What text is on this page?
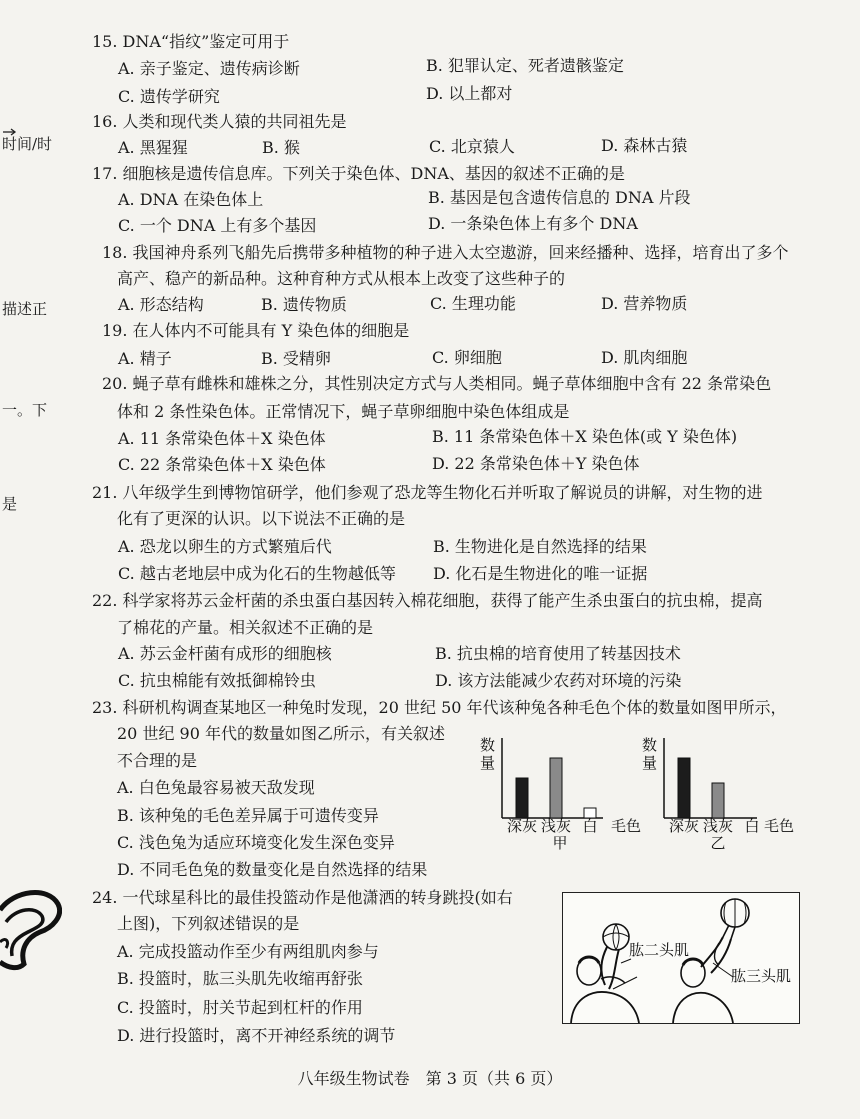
时间/时
描述正
一。下
是
15. DNA“指纹”鉴定可用于
A. 亲子鉴定、遗传病诊断	B. 犯罪认定、死者遗骸鉴定
C. 遗传学研究	D. 以上都对
16. 人类和现代类人猿的共同祖先是
A. 黑猩猩	B. 猴	C. 北京猿人	D. 森林古猿
17. 细胞核是遗传信息库。下列关于染色体、DNA、基因的叙述不正确的是
A. DNA 在染色体上	B. 基因是包含遗传信息的 DNA 片段
C. 一个 DNA 上有多个基因	D. 一条染色体上有多个 DNA
18. 我国神舟系列飞船先后携带多种植物的种子进入太空遨游，回来经播种、选择，培育出了多个
高产、稳产的新品种。这种育种方式从根本上改变了这些种子的
A. 形态结构	B. 遗传物质	C. 生理功能	D. 营养物质
19. 在人体内不可能具有 Y 染色体的细胞是
A. 精子	B. 受精卵	C. 卵细胞	D. 肌肉细胞
20. 蝇子草有雌株和雄株之分，其性别决定方式与人类相同。蝇子草体细胞中含有 22 条常染色
体和 2 条性染色体。正常情况下，蝇子草卵细胞中染色体组成是
A. 11 条常染色体＋X 染色体	B. 11 条常染色体＋X 染色体(或 Y 染色体)
C. 22 条常染色体＋X 染色体	D. 22 条常染色体＋Y 染色体
21. 八年级学生到博物馆研学，他们参观了恐龙等生物化石并听取了解说员的讲解，对生物的进
化有了更深的认识。以下说法不正确的是
A. 恐龙以卵生的方式繁殖后代	B. 生物进化是自然选择的结果
C. 越古老地层中成为化石的生物越低等 D. 化石是生物进化的唯一证据
22. 科学家将苏云金杆菌的杀虫蛋白基因转入棉花细胞，获得了能产生杀虫蛋白的抗虫棉，提高
了棉花的产量。相关叙述不正确的是
A. 苏云金杆菌有成形的细胞核	B. 抗虫棉的培育使用了转基因技术
C. 抗虫棉能有效抵御棉铃虫	D. 该方法能减少农药对环境的污染
23. 科研机构调查某地区一种兔时发现，20 世纪 50 年代该种兔各种毛色个体的数量如图甲所示，
20 世纪 90 年代的数量如图乙所示，有关叙述
不合理的是
A. 白色兔最容易被天敌发现
B. 该种兔的毛色差异属于可遗传变异
C. 浅色兔为适应环境变化发生深色变异
D. 不同毛色兔的数量变化是自然选择的结果
数
量
深灰 浅灰 白 毛色
甲
数
量
深灰 浅灰 白 毛色
乙
24. 一代球星科比的最佳投篮动作是他潇洒的转身跳投(如右
上图)，下列叙述错误的是
A. 完成投篮动作至少有两组肌肉参与
B. 投篮时，肱三头肌先收缩再舒张
C. 投篮时，肘关节起到杠杆的作用
D. 进行投篮时，离不开神经系统的调节
肱二头肌
肱三头肌
八年级生物试卷　第 3 页（共 6 页）
